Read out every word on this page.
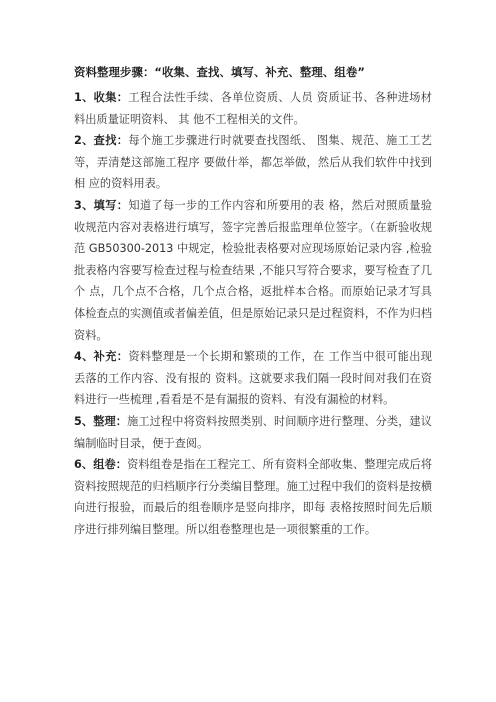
资料整理步骤：“收集、查找、填写、补充、整理、组卷”

1、收集：工程合法性手续、各单位资质、人员 资质证书、各种进场材料出质量证明资料、 其 他不工程相关的文件。

2、查找：每个施工步骤进行时就要查找图纸、 图集、规范、施工工艺等，弄清楚这部施工程序 要做什举，都怎举做，然后从我们软件中找到相 应的资料用表。

3、填写：知道了每一步的工作内容和所要用的表 格，然后对照质量验收规范内容对表格进行填写，签字完善后报监理单位签字。（在新验收规范 GB50300-2013 中规定，检验批表格要对应现场原始记录内容 ,检验批表格内容要写检查过程与检查结果 ,不能只写符合要求，要写检查了几个 点，几个点不合格，几个点合格，返批样本合格。而原始记录才写具体检查点的实测值或者偏差值，但是原始记录只是过程资料，不作为归档资料。

4、补充：资料整理是一个长期和繁琐的工作，在 工作当中很可能出现丢落的工作内容、没有报的 资料。这就要求我们隔一段时间对我们在资料进行一些梳理 ,看看是不是有漏报的资料、有没有漏检的材料。

5、整理：施工过程中将资料按照类别、时间顺序进行整理、分类，建议编制临时目录，便于查阅。

6、组卷：资料组卷是指在工程完工、所有资料全部收集、整理完成后将资料按照规范的归档顺序行分类编目整理。施工过程中我们的资料是按横向进行报验，而最后的组卷顺序是竖向排序，即每 表格按照时间先后顺序进行排列编目整理。所以组卷整理也是一项很繁重的工作。
